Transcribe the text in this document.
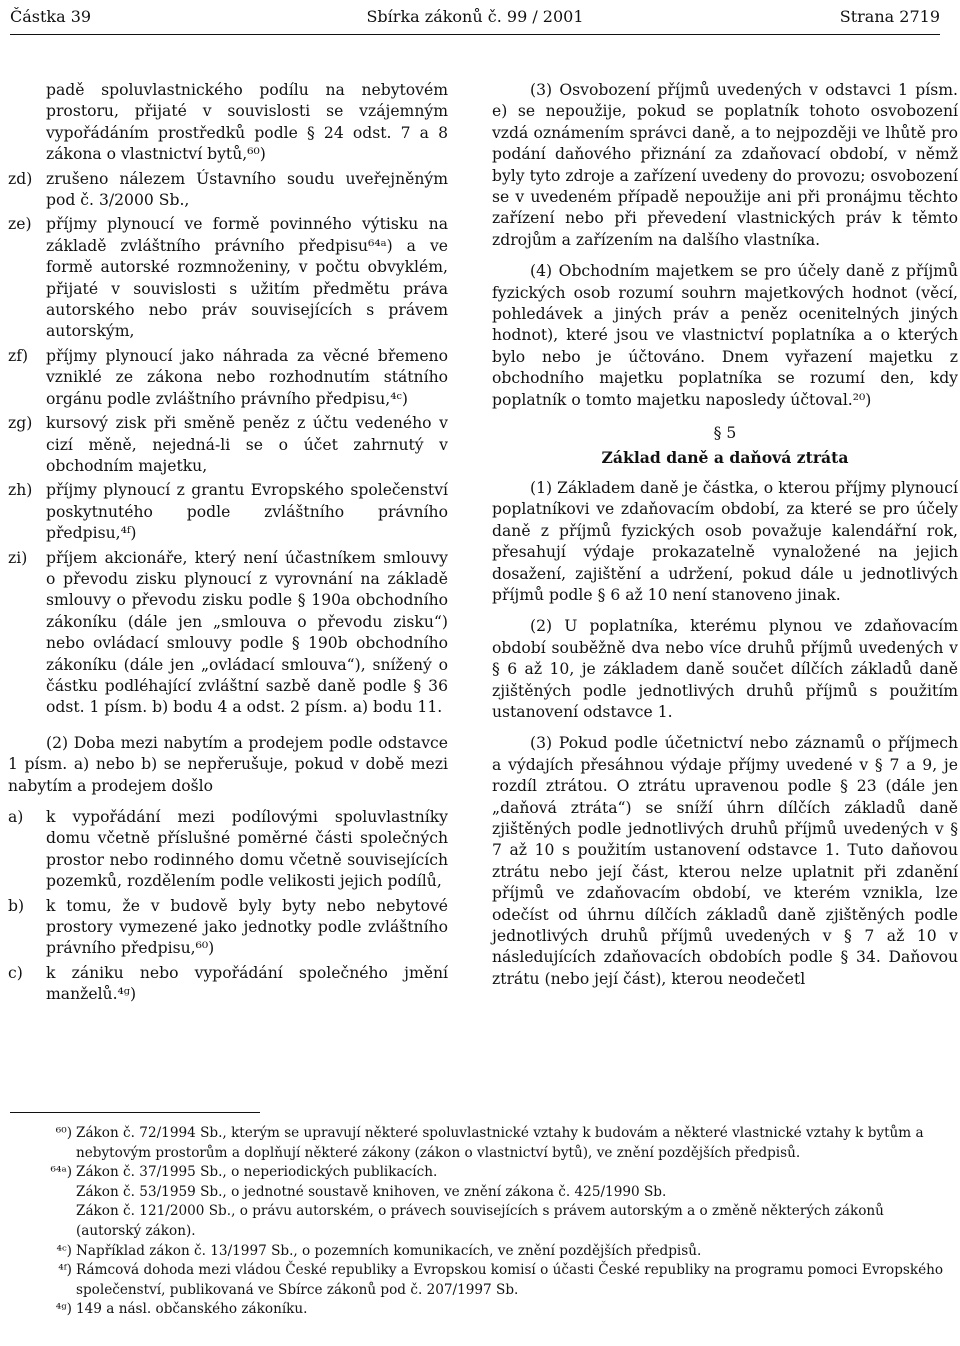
Částka 39	Sbírka zákonů č. 99 / 2001	Strana 2719
padě spoluvlastnického podílu na nebytovém prostoru, přijaté v souvislosti se vzájemným vypořádáním prostředků podle § 24 odst. 7 a 8 zákona o vlastnictví bytů,⁶⁰)
zd) zrušeno nálezem Ústavního soudu uveřejněným pod č. 3/2000 Sb.,
ze) příjmy plynoucí ve formě povinného výtisku na základě zvláštního právního předpisu⁶⁴ᵃ) a ve formě autorské rozmnoženiny, v počtu obvyklém, přijaté v souvislosti s užitím předmětu práva autorského nebo práv souvisejících s právem autorským,
zf)	příjmy plynoucí jako náhrada za věcné břemeno vzniklé ze zákona nebo rozhodnutím státního orgánu podle zvláštního právního předpisu,⁴ᶜ)
zg) kursový zisk při směně peněz z účtu vedeného v cizí měně, nejedná-li se o účet zahrnutý v obchodním majetku,
zh) příjmy plynoucí z grantu Evropského společenství poskytnutého podle zvláštního právního předpisu,⁴ᶠ)
zi)	příjem akcionáře, který není účastníkem smlouvy o převodu zisku plynoucí z vyrovnání na základě smlouvy o převodu zisku podle § 190a obchodního zákoníku (dále jen „smlouva o převodu zisku“) nebo ovládací smlouvy podle § 190b obchodního zákoníku (dále jen „ovládací smlouva“), snížený o částku podléhající zvláštní sazbě daně podle § 36 odst. 1 písm. b) bodu 4 a odst. 2 písm. a) bodu 11.

(2) Doba mezi nabytím a prodejem podle odstavce 1 písm. a) nebo b) se nepřerušuje, pokud v době mezi nabytím a prodejem došlo

a)	k vypořádání mezi podílovými spoluvlastníky domu včetně příslušné poměrné části společných prostor nebo rodinného domu včetně souvisejících pozemků, rozdělením podle velikosti jejich podílů,
b)	k tomu, že v budově byly byty nebo nebytové prostory vymezené jako jednotky podle zvláštního právního předpisu,⁶⁰)
c)	k zániku nebo vypořádání společného jmění manželů.⁴ᵍ)

(3) Osvobození příjmů uvedených v odstavci 1 písm. e) se nepoužije, pokud se poplatník tohoto osvobození vzdá oznámením správci daně, a to nejpozději ve lhůtě pro podání daňového přiznání za zdaňovací období, v němž byly tyto zdroje a zařízení uvedeny do provozu; osvobození se v uvedeném případě nepoužije ani při pronájmu těchto zařízení nebo při převedení vlastnických práv k těmto zdrojům a zařízením na dalšího vlastníka.

(4) Obchodním majetkem se pro účely daně z příjmů fyzických osob rozumí souhrn majetkových hodnot (věcí, pohledávek a jiných práv a peněz ocenitelných jiných hodnot), které jsou ve vlastnictví poplatníka a o kterých bylo nebo je účtováno. Dnem vyřazení majetku z obchodního majetku poplatníka se rozumí den, kdy poplatník o tomto majetku naposledy účtoval.²⁰)

§ 5
Základ daně a daňová ztráta

(1) Základem daně je částka, o kterou příjmy plynoucí poplatníkovi ve zdaňovacím období, za které se pro účely daně z příjmů fyzických osob považuje kalendářní rok, přesahují výdaje prokazatelně vynaložené na jejich dosažení, zajištění a udržení, pokud dále u jednotlivých příjmů podle § 6 až 10 není stanoveno jinak.

(2) U poplatníka, kterému plynou ve zdaňovacím období souběžně dva nebo více druhů příjmů uvedených v § 6 až 10, je základem daně součet dílčích základů daně zjištěných podle jednotlivých druhů příjmů s použitím ustanovení odstavce 1.

(3) Pokud podle účetnictví nebo záznamů o příjmech a výdajích přesáhnou výdaje příjmy uvedené v § 7 a 9, je rozdíl ztrátou. O ztrátu upravenou podle § 23 (dále jen „daňová ztráta“) se sníží úhrn dílčích základů daně zjištěných podle jednotlivých druhů příjmů uvedených v § 7 až 10 s použitím ustanovení odstavce 1. Tuto daňovou ztrátu nebo její část, kterou nelze uplatnit při zdanění příjmů ve zdaňovacím období, ve kterém vznikla, lze odečíst od úhrnu dílčích základů daně zjištěných podle jednotlivých druhů příjmů uvedených v § 7 až 10 v následujících zdaňovacích obdobích podle § 34. Daňovou ztrátu (nebo její část), kterou neodečetl

⁶⁰) Zákon č. 72/1994 Sb., kterým se upravují některé spoluvlastnické vztahy k budovám a některé vlastnické vztahy k bytům a nebytovým prostorům a doplňují některé zákony (zákon o vlastnictví bytů), ve znění pozdějších předpisů.
⁶⁴ᵃ) Zákon č. 37/1995 Sb., o neperiodických publikacích.
Zákon č. 53/1959 Sb., o jednotné soustavě knihoven, ve znění zákona č. 425/1990 Sb.
Zákon č. 121/2000 Sb., o právu autorském, o právech souvisejících s právem autorským a o změně některých zákonů (autorský zákon).
⁴ᶜ) Například zákon č. 13/1997 Sb., o pozemních komunikacích, ve znění pozdějších předpisů.
⁴ᶠ) Rámcová dohoda mezi vládou České republiky a Evropskou komisí o účasti České republiky na programu pomoci Evropského společenství, publikovaná ve Sbírce zákonů pod č. 207/1997 Sb.
⁴ᵍ) 149 a násl. občanského zákoníku.
